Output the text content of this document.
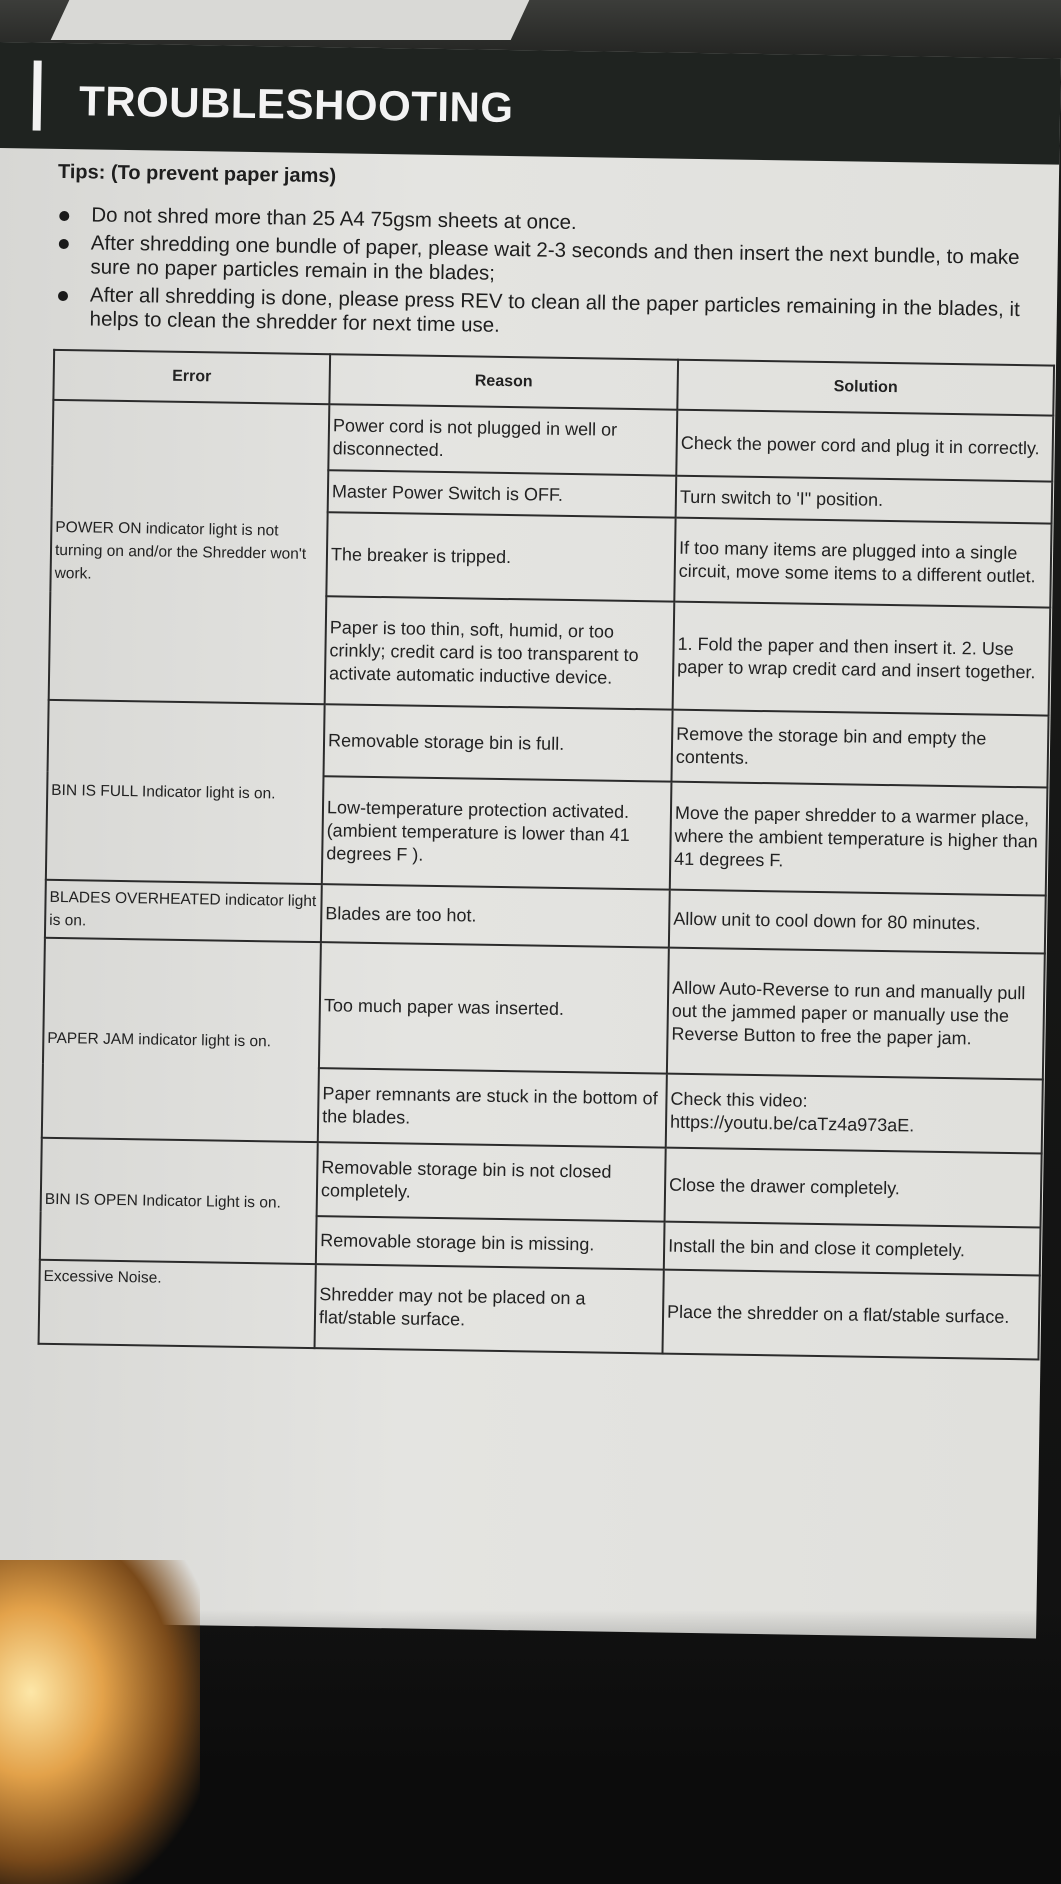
TROUBLESHOOTING
Tips: (To prevent paper jams)
Do not shred more than 25 A4 75gsm sheets at once.
After shredding one bundle of paper, please wait 2-3 seconds and then insert the next bundle, to make sure no paper particles remain in the blades;
After all shredding is done, please press REV to clean all the paper particles remaining in the blades, it helps to clean the shredder for next time use.
Error	Reason	Solution
POWER ON indicator light is not turning on and/or the Shredder won't work.	Power cord is not plugged in well or disconnected.	Check the power cord and plug it in correctly.
	Master Power Switch is OFF.	Turn switch to 'I" position.
	The breaker is tripped.	If too many items are plugged into a single circuit, move some items to a different outlet.
	Paper is too thin, soft, humid, or too crinkly; credit card is too transparent to activate automatic inductive device.	1. Fold the paper and then insert it. 2. Use paper to wrap credit card and insert together.
BIN IS FULL Indicator light is on.	Removable storage bin is full.	Remove the storage bin and empty the contents.
	Low-temperature protection activated. (ambient temperature is lower than 41 degrees F ).	Move the paper shredder to a warmer place, where the ambient temperature is higher than 41 degrees F.
BLADES OVERHEATED indicator light is on.	Blades are too hot.	Allow unit to cool down for 80 minutes.
PAPER JAM indicator light is on.	Too much paper was inserted.	Allow Auto-Reverse to run and manually pull out the jammed paper or manually use the Reverse Button to free the paper jam.
	Paper remnants are stuck in the bottom of the blades.	Check this video: https://youtu.be/caTz4a973aE.
BIN IS OPEN Indicator Light is on.	Removable storage bin is not closed completely.	Close the drawer completely.
	Removable storage bin is missing.	Install the bin and close it completely.
Excessive Noise.	Shredder may not be placed on a flat/stable surface.	Place the shredder on a flat/stable surface.
